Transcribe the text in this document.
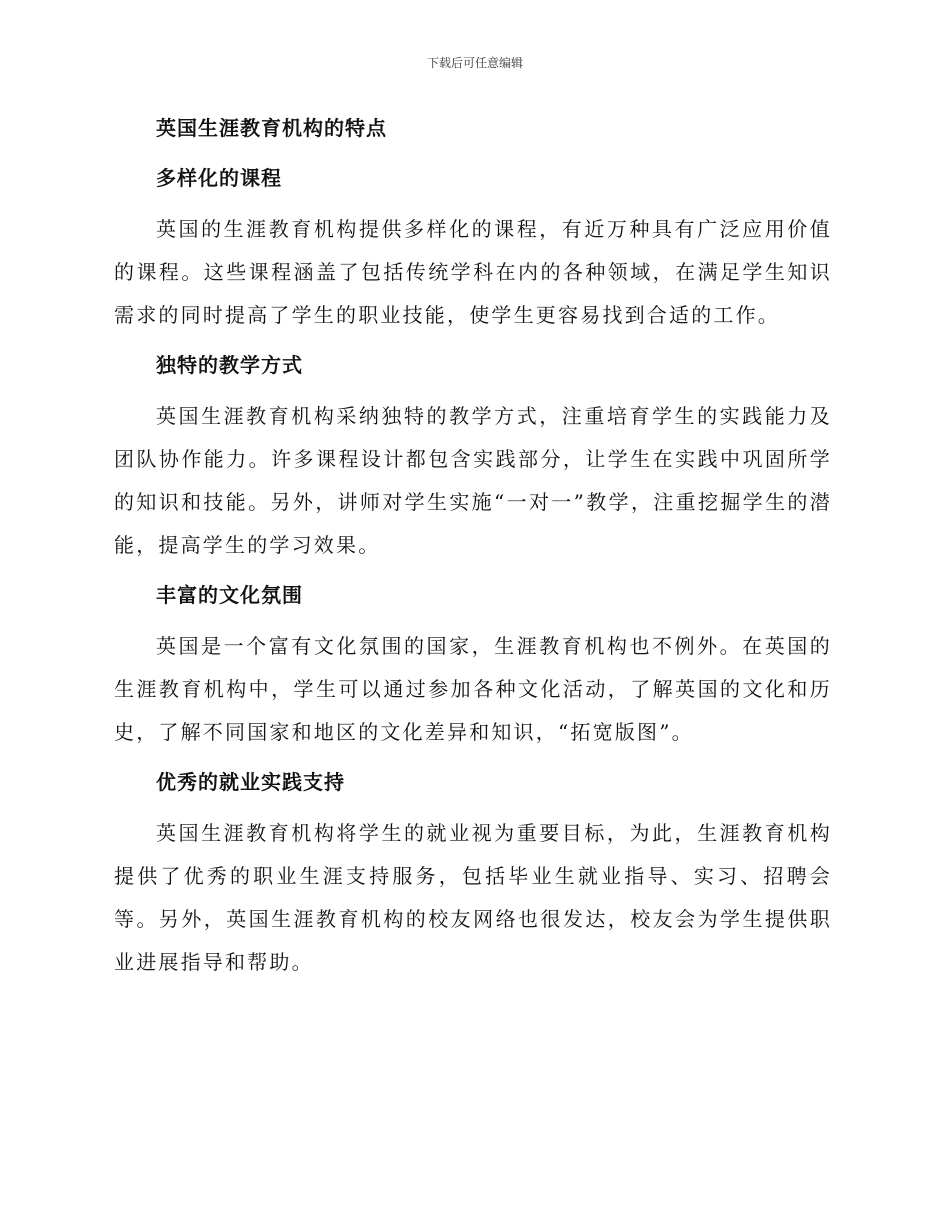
下载后可任意编辑
英国生涯教育机构的特点
多样化的课程
英国的生涯教育机构提供多样化的课程，有近万种具有广泛应用价值的课程。这些课程涵盖了包括传统学科在内的各种领域，在满足学生知识需求的同时提高了学生的职业技能，使学生更容易找到合适的工作。
独特的教学方式
英国生涯教育机构采纳独特的教学方式，注重培育学生的实践能力及团队协作能力。许多课程设计都包含实践部分，让学生在实践中巩固所学的知识和技能。另外，讲师对学生实施“一对一”教学，注重挖掘学生的潜能，提高学生的学习效果。
丰富的文化氛围
英国是一个富有文化氛围的国家，生涯教育机构也不例外。在英国的生涯教育机构中，学生可以通过参加各种文化活动，了解英国的文化和历史，了解不同国家和地区的文化差异和知识，“拓宽版图”。
优秀的就业实践支持
英国生涯教育机构将学生的就业视为重要目标，为此，生涯教育机构提供了优秀的职业生涯支持服务，包括毕业生就业指导、实习、招聘会等。另外，英国生涯教育机构的校友网络也很发达，校友会为学生提供职业进展指导和帮助。
